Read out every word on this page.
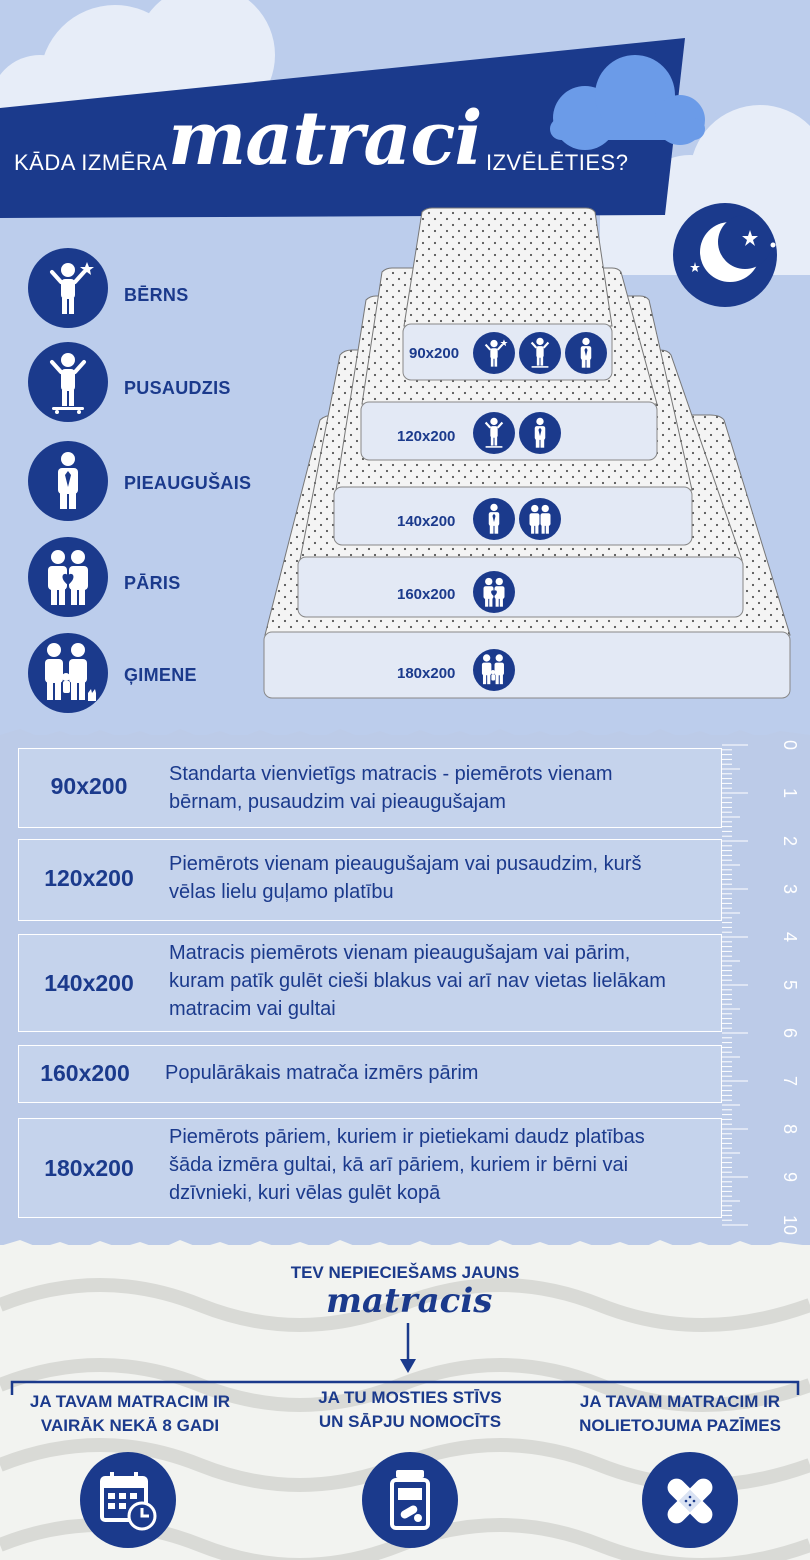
KĀDA IZMĒRA matraci IZVĒLĒTIES?
BĒRNS
PUSAUDZIS
PIEAUGUŠAIS
PĀRIS
ĢIMENE
90x200
120x200
140x200
160x200
180x200
90x200	Standarta vienvietīgs matracis - piemērots vienam
bērnam, pusaudzim vai pieaugušajam
120x200
Piemērots vienam pieaugušajam vai pusaudzim, kurš
vēlas lielu guļamo platību
140x200
Matracis piemērots vienam pieaugušajam vai pārim,
kuram patīk gulēt cieši blakus vai arī nav vietas lielākam
matracim vai gultai
160x200	Populārākais matrača izmērs pārim
180x200
Piemērots pāriem, kuriem ir pietiekami daudz platības
šāda izmēra gultai, kā arī pāriem, kuriem ir bērni vai
dzīvnieki, kuri vēlas gulēt kopā
0
1
2
3
4
5
6
7
8
9
10
TEV NEPIECIEŠAMS JAUNS
matracis
JA TAVAM MATRACIM IR
VAIRĀK NEKĀ 8 GADI
JA TU MOSTIES STĪVS
UN SĀPJU NOMOCĪTS
JA TAVAM MATRACIM IR
NOLIETOJUMA PAZĪMES
